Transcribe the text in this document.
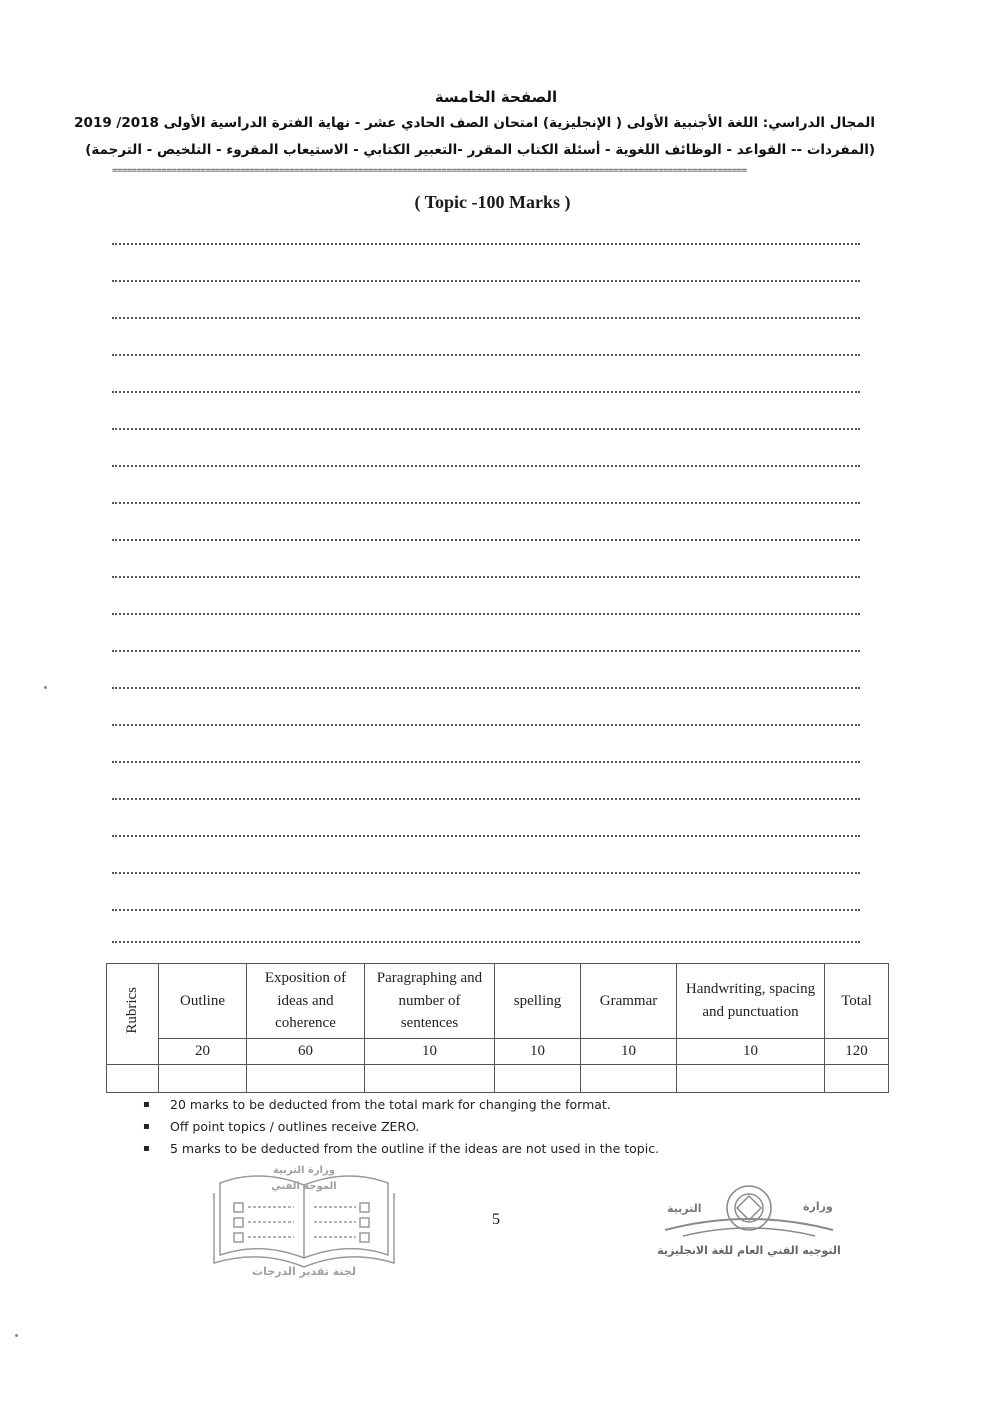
الصفحة الخامسة
المجال الدراسي: اللغة الأجنبية الأولى ( الإنجليزية) امتحان الصف الحادي عشر - نهاية الفترة الدراسية الأولى 2018/ 2019
(المفردات -- القواعد - الوظائف اللغوية - أسئلة الكتاب المقرر -التعبير الكتابي - الاستيعاب المقروء - التلخيص - الترجمة)
=================================================================================================================================
( Topic -100 Marks )
Rubrics	Outline	Exposition of ideas and coherence	Paragraphing and number of sentences	spelling	Grammar	Handwriting, spacing and punctuation	Total
	20	60	10	10	10	10	120

▪ 20 marks to be deducted from the total mark for changing the format.
▪ Off point topics / outlines receive ZERO.
▪ 5 marks to be deducted from the outline if the ideas are not used in the topic.
5
وزارة التربية
الموجه الفني
لجنة تقدير الدرجات
وزارة
التربية
التوجيه الفني العام للغة الانجليزية
